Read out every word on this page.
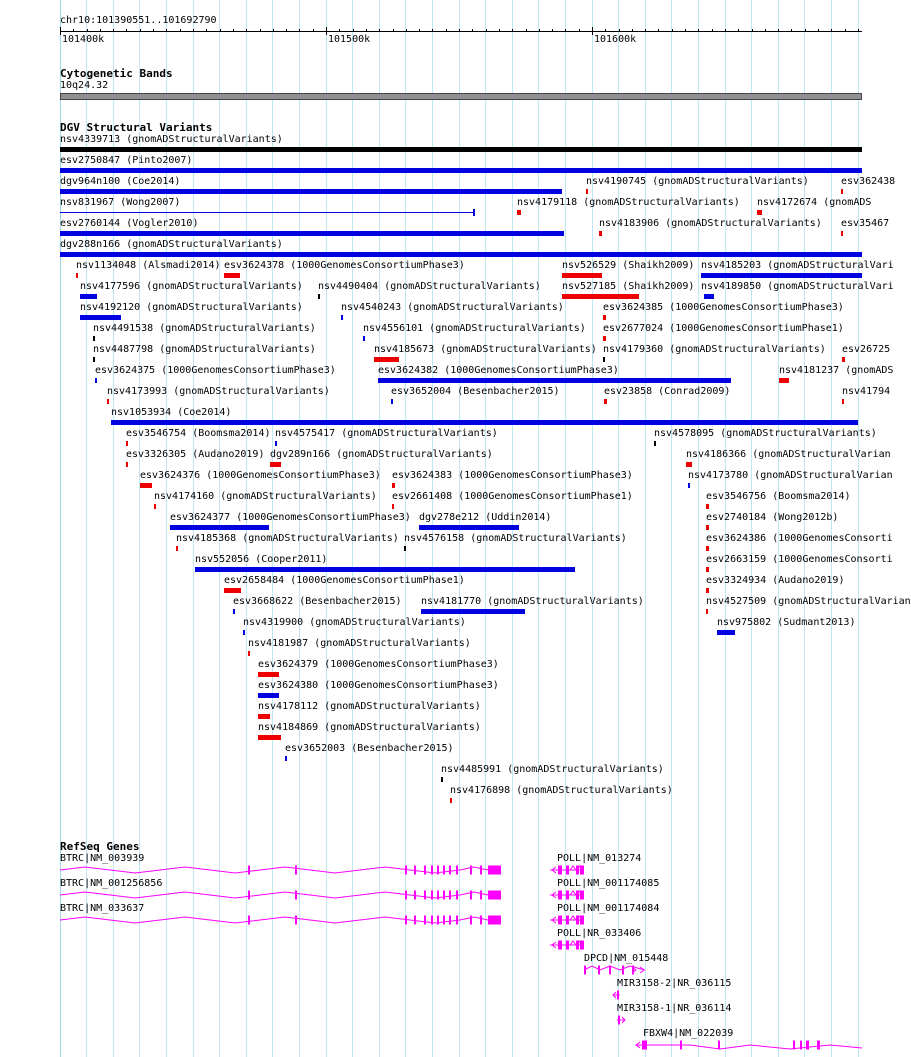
chr10:101390551..101692790
101400k	101500k	101600k
Cytogenetic Bands
10q24.32
DGV Structural Variants
nsv4339713 (gnomADStructuralVariants)
esv2750847 (Pinto2007)
dgv964n100 (Coe2014)	nsv4190745 (gnomADStructuralVariants)	esv362438
nsv831967 (Wong2007)	nsv4179118 (gnomADStructuralVariants) nsv4172674 (gnomADS
esv2760144 (Vogler2010)	nsv4183906 (gnomADStructuralVariants) esv35467
dgv288n166 (gnomADStructuralVariants)
nsv1134048 (Alsmadi2014) esv3624378 (1000GenomesConsortiumPhase3)	nsv526529 (Shaikh2009) nsv4185203 (gnomADStructuralVari
nsv4177596 (gnomADStructuralVariants) nsv4490404 (gnomADStructuralVariants) nsv527185 (Shaikh2009) nsv4189850 (gnomADStructuralVari
nsv4192120 (gnomADStructuralVariants)	nsv4540243 (gnomADStructuralVariants)	esv3624385 (1000GenomesConsortiumPhase3)
nsv4491538 (gnomADStructuralVariants)	nsv4556101 (gnomADStructuralVariants) esv2677024 (1000GenomesConsortiumPhase1)
nsv4487798 (gnomADStructuralVariants)	nsv4185673 (gnomADStructuralVariants) nsv4179360 (gnomADStructuralVariants) esv26725
esv3624375 (1000GenomesConsortiumPhase3)	esv3624382 (1000GenomesConsortiumPhase3)	nsv4181237 (gnomADS
nsv4173993 (gnomADStructuralVariants)	esv3652004 (Besenbacher2015)	esv23858 (Conrad2009)	nsv41794
nsv1053934 (Coe2014)
esv3546754 (Boomsma2014) nsv4575417 (gnomADStructuralVariants)	nsv4578095 (gnomADStructuralVariants)
esv3326305 (Audano2019) dgv289n166 (gnomADStructuralVariants)	nsv4186366 (gnomADStructuralVarian
esv3624376 (1000GenomesConsortiumPhase3) esv3624383 (1000GenomesConsortiumPhase3)	nsv4173780 (gnomADStructuralVarian
nsv4174160 (gnomADStructuralVariants) esv2661408 (1000GenomesConsortiumPhase1)	esv3546756 (Boomsma2014)
esv3624377 (1000GenomesConsortiumPhase3) dgv278e212 (Uddin2014)	esv2740184 (Wong2012b)
nsv4185368 (gnomADStructuralVariants) nsv4576158 (gnomADStructuralVariants)	esv3624386 (1000GenomesConsorti
nsv552056 (Cooper2011)	esv2663159 (1000GenomesConsorti
esv2658484 (1000GenomesConsortiumPhase1)	esv3324934 (Audano2019)
esv3668622 (Besenbacher2015) nsv4181770 (gnomADStructuralVariants)	nsv4527509 (gnomADStructuralVarian
nsv4319900 (gnomADStructuralVariants)	nsv975802 (Sudmant2013)
nsv4181987 (gnomADStructuralVariants)
esv3624379 (1000GenomesConsortiumPhase3)
esv3624380 (1000GenomesConsortiumPhase3)
nsv4178112 (gnomADStructuralVariants)
nsv4184869 (gnomADStructuralVariants)
esv3652003 (Besenbacher2015)
nsv4485991 (gnomADStructuralVariants)
nsv4176898 (gnomADStructuralVariants)
RefSeq Genes
BTRC|NM_003939
BTRC|NM_001256856
BTRC|NM_033637
POLL|NM_013274
POLL|NM_001174085
POLL|NM_001174084
POLL|NR_033406
DPCD|NM_015448
MIR3158-2|NR_036115
MIR3158-1|NR_036114
FBXW4|NM_022039
